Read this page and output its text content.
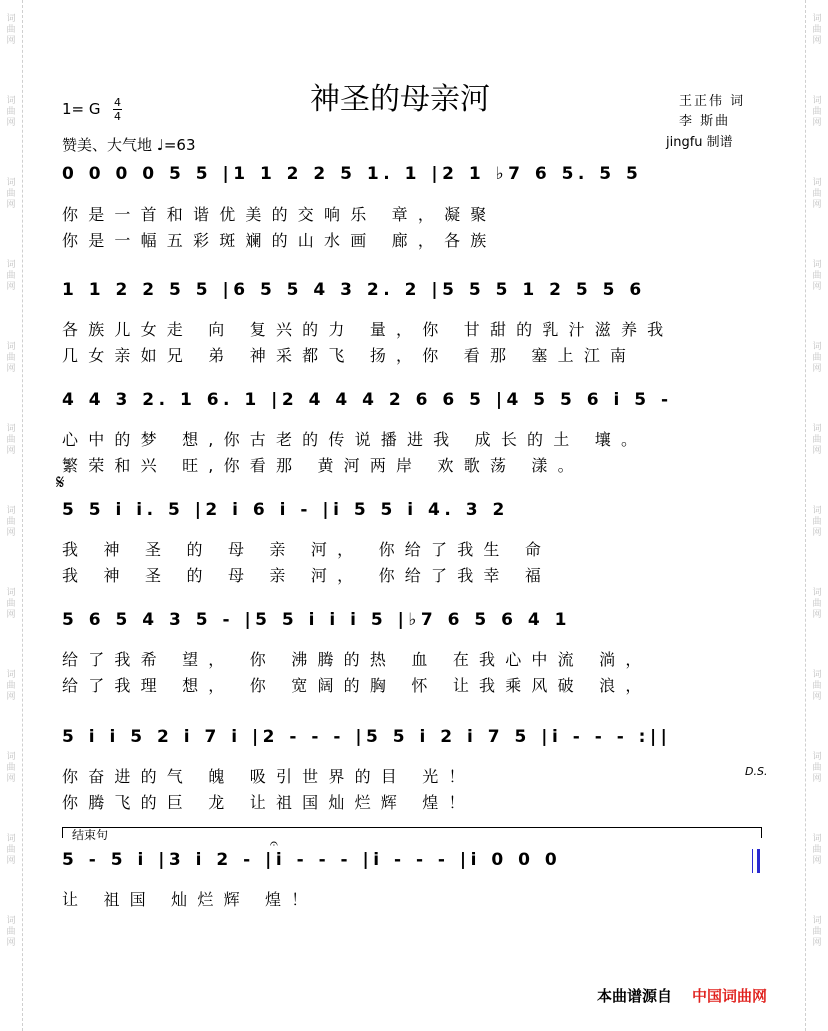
词
曲
网
词
曲
网
词
曲
网
词
曲
网
词
曲
网
词
曲
网
词
曲
网
词
曲
网
词
曲
网
词
曲
网
词
曲
网
词
曲
网
词
曲
网
词
曲
网
词
曲
网
词
曲
网
词
曲
网
词
曲
网
词
曲
网
词
曲
网
词
曲
网
词
曲
网
词
曲
网
词
曲
网
神圣的母亲河
1= G 4
4
赞美、大气地 ♩=63
王正伟 词
李 斯曲
jingfu 制谱
0 0 0 0 5 5 |1 1 2 2 5 1. 1 |2 1 ♭7 6 5. 5 5
你是一首和谐优美的交响乐 章，凝聚
你是一幅五彩斑斓的山水画 廊，各族
1 1 2 2 5 5 |6 5 5 4 3 2. 2 |5 5 5 1 2 5 5 6
各族儿女走 向 复兴的力 量，你 甘甜的乳汁滋养我
几女亲如兄 弟 神采都飞 扬，你 看那 塞上江南
4 4 3 2. 1 6. 1 |2 4 4 4 2 6 6 5 |4 5 5 6 i 5 -
心中的梦 想,你古老的传说播进我 成长的土 壤。
繁荣和兴 旺,你看那 黄河两岸 欢歌荡 漾。
𝄋
5 5 i i. 5 |2 i 6 i - |i 5 5 i 4. 3 2
我 神 圣 的 母 亲 河， 你给了我生 命
我 神 圣 的 母 亲 河， 你给了我幸 福
5 6 5 4 3 5 - |5 5 i i i 5 |♭7 6 5 6 4 1
给了我希 望， 你 沸腾的热 血 在我心中流 淌，
给了我理 想， 你 宽阔的胸 怀 让我乘风破 浪，
5 i i 5 2 i 7 i |2 - - - |5 5 i 2 i 7 5 |i - - - :||
你奋进的气 魄 吸引世界的目 光！
你腾飞的巨 龙 让祖国灿烂辉 煌！
D.S.
结束句
𝄐
5 - 5 i |3 i 2 - |i - - - |i - - - |i 0 0 0
让 祖国 灿烂辉 煌！
本曲谱源自 中国词曲网
